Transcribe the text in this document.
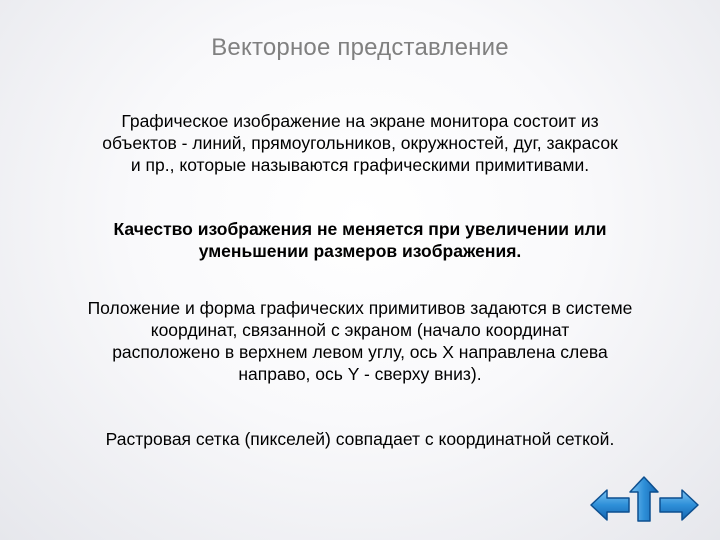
Векторное представление
Графическое изображение на экране монитора состоит из
объектов - линий, прямоугольников, окружностей, дуг, закрасок
и пр., которые называются графическими примитивами.
Качество изображения не меняется при увеличении или
уменьшении размеров изображения.
Положение и форма графических примитивов задаются в системе
координат, связанной с экраном (начало координат
расположено в верхнем левом углу, ось X направлена слева
направо, ось Y - сверху вниз).
Растровая сетка (пикселей) совпадает с координатной сеткой.
